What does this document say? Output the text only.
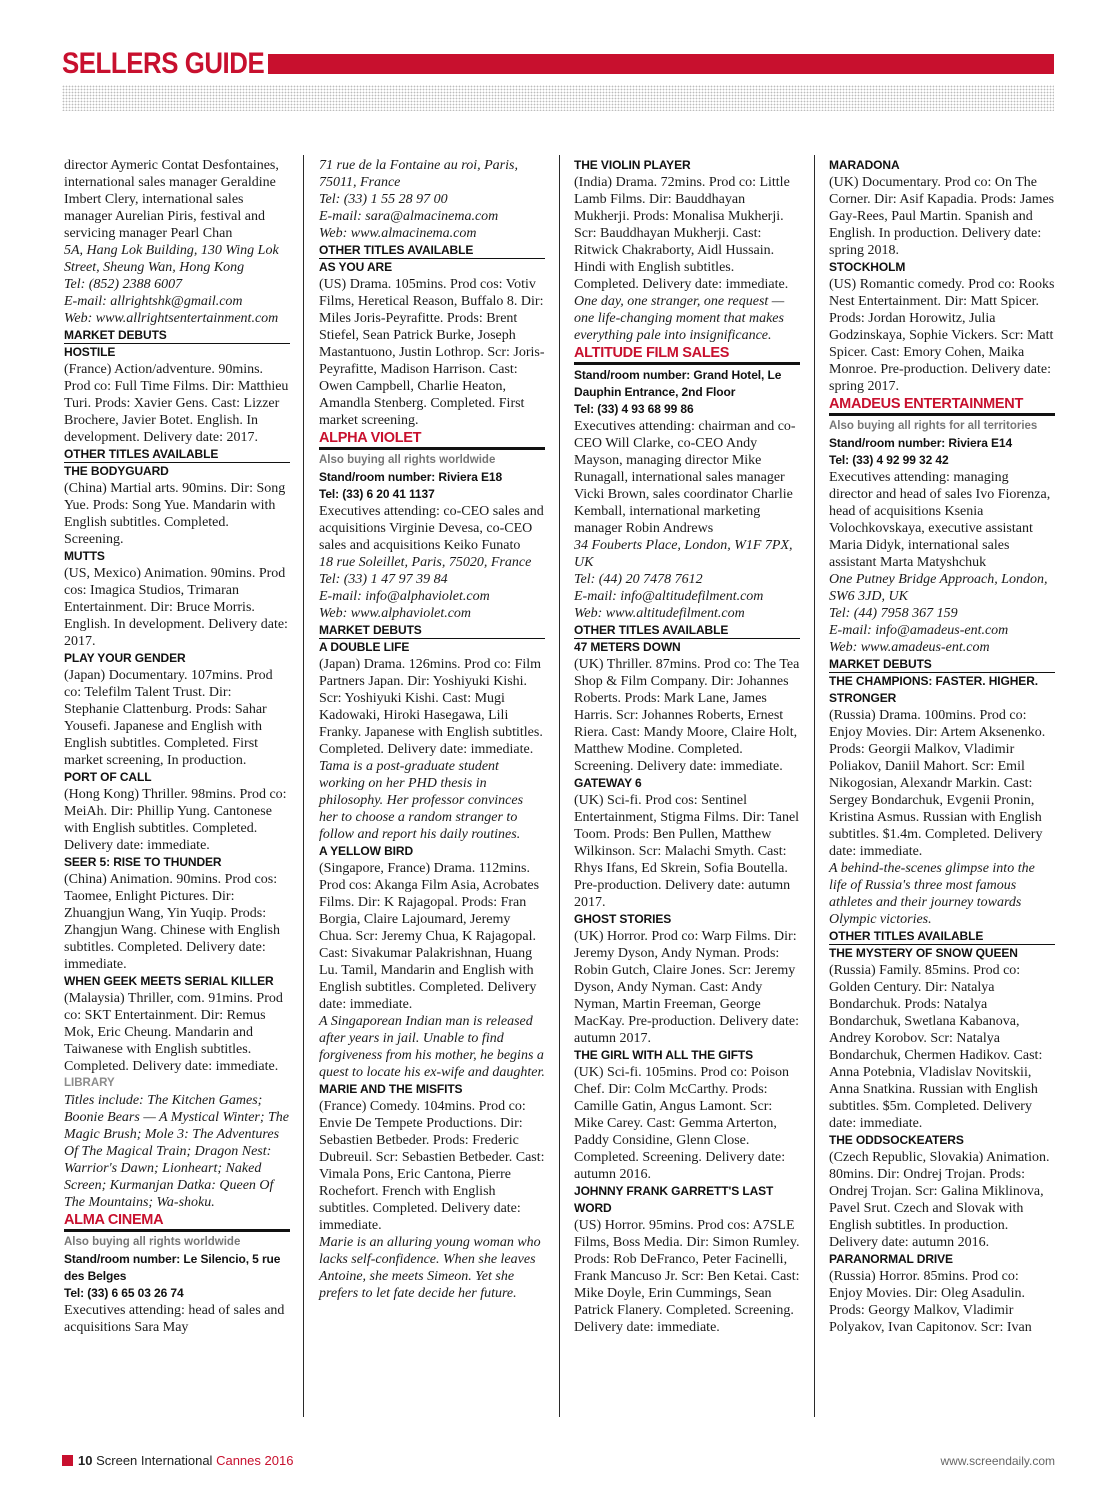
SELLERS GUIDE

director Aymeric Contat Desfontaines, international sales manager Geraldine Imbert Clery, international sales manager Aurelian Piris, festival and servicing manager Pearl Chan

5A, Hang Lok Building, 130 Wing Lok Street, Sheung Wan, Hong Kong

Tel: (852) 2388 6007

E-mail: allrightshk@gmail.com

Web: www.allrightsentertainment.com

MARKET DEBUTS

HOSTILE

(France) Action/adventure. 90mins. Prod co: Full Time Films. Dir: Matthieu Turi. Prods: Xavier Gens. Cast: Lizzer Brochere, Javier Botet. English. In development. Delivery date: 2017.

OTHER TITLES AVAILABLE

THE BODYGUARD

(China) Martial arts. 90mins. Dir: Song Yue. Prods: Song Yue. Mandarin with English subtitles. Completed. Screening.

MUTTS

(US, Mexico) Animation. 90mins. Prod cos: Imagica Studios, Trimaran Entertainment. Dir: Bruce Morris. English. In development. Delivery date: 2017.

PLAY YOUR GENDER

(Japan) Documentary. 107mins. Prod co: Telefilm Talent Trust. Dir: Stephanie Clattenburg. Prods: Sahar Yousefi. Japanese and English with English subtitles. Completed. First market screening, In production.

PORT OF CALL

(Hong Kong) Thriller. 98mins. Prod co: MeiAh. Dir: Phillip Yung. Cantonese with English subtitles. Completed. Delivery date: immediate.

SEER 5: RISE TO THUNDER

(China) Animation. 90mins. Prod cos: Taomee, Enlight Pictures. Dir: Zhuangjun Wang, Yin Yuqip. Prods: Zhangjun Wang. Chinese with English subtitles. Completed. Delivery date: immediate.

WHEN GEEK MEETS SERIAL KILLER

(Malaysia) Thriller, com. 91mins. Prod co: SKT Entertainment. Dir: Remus Mok, Eric Cheung. Mandarin and Taiwanese with English subtitles. Completed. Delivery date: immediate.

LIBRARY

Titles include: The Kitchen Games; Boonie Bears — A Mystical Winter; The Magic Brush; Mole 3: The Adventures Of The Magical Train; Dragon Nest: Warrior's Dawn; Lionheart; Naked Screen; Kurmanjan Datka: Queen Of The Mountains; Wa-shoku.

ALMA CINEMA

Also buying all rights worldwide

Stand/room number: Le Silencio, 5 rue des Belges

Tel: (33) 6 65 03 26 74

Executives attending: head of sales and acquisitions Sara May

71 rue de la Fontaine au roi, Paris, 75011, France

Tel: (33) 1 55 28 97 00

E-mail: sara@almacinema.com

Web: www.almacinema.com

OTHER TITLES AVAILABLE

AS YOU ARE

(US) Drama. 105mins. Prod cos: Votiv Films, Heretical Reason, Buffalo 8. Dir: Miles Joris-Peyrafitte. Prods: Brent Stiefel, Sean Patrick Burke, Joseph Mastantuono, Justin Lothrop. Scr: Joris-Peyrafitte, Madison Harrison. Cast: Owen Campbell, Charlie Heaton, Amandla Stenberg. Completed. First market screening.

ALPHA VIOLET

Also buying all rights worldwide

Stand/room number: Riviera E18

Tel: (33) 6 20 41 1137

Executives attending: co-CEO sales and acquisitions Virginie Devesa, co-CEO sales and acquisitions Keiko Funato

18 rue Soleillet, Paris, 75020, France

Tel: (33) 1 47 97 39 84

E-mail: info@alphaviolet.com

Web: www.alphaviolet.com

MARKET DEBUTS

A DOUBLE LIFE

(Japan) Drama. 126mins. Prod co: Film Partners Japan. Dir: Yoshiyuki Kishi. Scr: Yoshiyuki Kishi. Cast: Mugi Kadowaki, Hiroki Hasegawa, Lili Franky. Japanese with English subtitles. Completed. Delivery date: immediate.

Tama is a post-graduate student working on her PHD thesis in philosophy. Her professor convinces her to choose a random stranger to follow and report his daily routines.

A YELLOW BIRD

(Singapore, France) Drama. 112mins. Prod cos: Akanga Film Asia, Acrobates Films. Dir: K Rajagopal. Prods: Fran Borgia, Claire Lajoumard, Jeremy Chua. Scr: Jeremy Chua, K Rajagopal. Cast: Sivakumar Palakrishnan, Huang Lu. Tamil, Mandarin and English with English subtitles. Completed. Delivery date: immediate.

A Singaporean Indian man is released after years in jail. Unable to find forgiveness from his mother, he begins a quest to locate his ex-wife and daughter.

MARIE AND THE MISFITS

(France) Comedy. 104mins. Prod co: Envie De Tempete Productions. Dir: Sebastien Betbeder. Prods: Frederic Dubreuil. Scr: Sebastien Betbeder. Cast: Vimala Pons, Eric Cantona, Pierre Rochefort. French with English subtitles. Completed. Delivery date: immediate.

Marie is an alluring young woman who lacks self-confidence. When she leaves Antoine, she meets Simeon. Yet she prefers to let fate decide her future.

THE VIOLIN PLAYER

(India) Drama. 72mins. Prod co: Little Lamb Films. Dir: Bauddhayan Mukherji. Prods: Monalisa Mukherji. Scr: Bauddhayan Mukherji. Cast: Ritwick Chakraborty, Aidl Hussain. Hindi with English subtitles. Completed. Delivery date: immediate.

One day, one stranger, one request — one life-changing moment that makes everything pale into insignificance.

ALTITUDE FILM SALES

Stand/room number: Grand Hotel, Le Dauphin Entrance, 2nd Floor

Tel: (33) 4 93 68 99 86

Executives attending: chairman and co-CEO Will Clarke, co-CEO Andy Mayson, managing director Mike Runagall, international sales manager Vicki Brown, sales coordinator Charlie Kemball, international marketing manager Robin Andrews

34 Fouberts Place, London, W1F 7PX, UK

Tel: (44) 20 7478 7612

E-mail: info@altitudefilment.com

Web: www.altitudefilment.com

OTHER TITLES AVAILABLE

47 METERS DOWN

(UK) Thriller. 87mins. Prod co: The Tea Shop & Film Company. Dir: Johannes Roberts. Prods: Mark Lane, James Harris. Scr: Johannes Roberts, Ernest Riera. Cast: Mandy Moore, Claire Holt, Matthew Modine. Completed. Screening. Delivery date: immediate.

GATEWAY 6

(UK) Sci-fi. Prod cos: Sentinel Entertainment, Stigma Films. Dir: Tanel Toom. Prods: Ben Pullen, Matthew Wilkinson. Scr: Malachi Smyth. Cast: Rhys Ifans, Ed Skrein, Sofia Boutella. Pre-production. Delivery date: autumn 2017.

GHOST STORIES

(UK) Horror. Prod co: Warp Films. Dir: Jeremy Dyson, Andy Nyman. Prods: Robin Gutch, Claire Jones. Scr: Jeremy Dyson, Andy Nyman. Cast: Andy Nyman, Martin Freeman, George MacKay. Pre-production. Delivery date: autumn 2017.

THE GIRL WITH ALL THE GIFTS

(UK) Sci-fi. 105mins. Prod co: Poison Chef. Dir: Colm McCarthy. Prods: Camille Gatin, Angus Lamont. Scr: Mike Carey. Cast: Gemma Arterton, Paddy Considine, Glenn Close. Completed. Screening. Delivery date: autumn 2016.

JOHNNY FRANK GARRETT'S LAST WORD

(US) Horror. 95mins. Prod cos: A7SLE Films, Boss Media. Dir: Simon Rumley. Prods: Rob DeFranco, Peter Facinelli, Frank Mancuso Jr. Scr: Ben Ketai. Cast: Mike Doyle, Erin Cummings, Sean Patrick Flanery. Completed. Screening. Delivery date: immediate.

MARADONA

(UK) Documentary. Prod co: On The Corner. Dir: Asif Kapadia. Prods: James Gay-Rees, Paul Martin. Spanish and English. In production. Delivery date: spring 2018.

STOCKHOLM

(US) Romantic comedy. Prod co: Rooks Nest Entertainment. Dir: Matt Spicer. Prods: Jordan Horowitz, Julia Godzinskaya, Sophie Vickers. Scr: Matt Spicer. Cast: Emory Cohen, Maika Monroe. Pre-production. Delivery date: spring 2017.

AMADEUS ENTERTAINMENT

Also buying all rights for all territories

Stand/room number: Riviera E14

Tel: (33) 4 92 99 32 42

Executives attending: managing director and head of sales Ivo Fiorenza, head of acquisitions Ksenia Volochkovskaya, executive assistant Maria Didyk, international sales assistant Marta Matyshchuk

One Putney Bridge Approach, London, SW6 3JD, UK

Tel: (44) 7958 367 159

E-mail: info@amadeus-ent.com

Web: www.amadeus-ent.com

MARKET DEBUTS

THE CHAMPIONS: FASTER. HIGHER. STRONGER

(Russia) Drama. 100mins. Prod co: Enjoy Movies. Dir: Artem Aksenenko. Prods: Georgii Malkov, Vladimir Poliakov, Daniil Mahort. Scr: Emil Nikogosian, Alexandr Markin. Cast: Sergey Bondarchuk, Evgenii Pronin, Kristina Asmus. Russian with English subtitles. $1.4m. Completed. Delivery date: immediate.

A behind-the-scenes glimpse into the life of Russia's three most famous athletes and their journey towards Olympic victories.

OTHER TITLES AVAILABLE

THE MYSTERY OF SNOW QUEEN

(Russia) Family. 85mins. Prod co: Golden Century. Dir: Natalya Bondarchuk. Prods: Natalya Bondarchuk, Swetlana Kabanova, Andrey Korobov. Scr: Natalya Bondarchuk, Chermen Hadikov. Cast: Anna Potebnia, Vladislav Novitskii, Anna Snatkina. Russian with English subtitles. $5m. Completed. Delivery date: immediate.

THE ODDSOCKEATERS

(Czech Republic, Slovakia) Animation. 80mins. Dir: Ondrej Trojan. Prods: Ondrej Trojan. Scr: Galina Miklinova, Pavel Srut. Czech and Slovak with English subtitles. In production. Delivery date: autumn 2016.

PARANORMAL DRIVE

(Russia) Horror. 85mins. Prod co: Enjoy Movies. Dir: Oleg Asadulin. Prods: Georgy Malkov, Vladimir Polyakov, Ivan Capitonov. Scr: Ivan

10 Screen International Cannes 2016	www.screendaily.com
